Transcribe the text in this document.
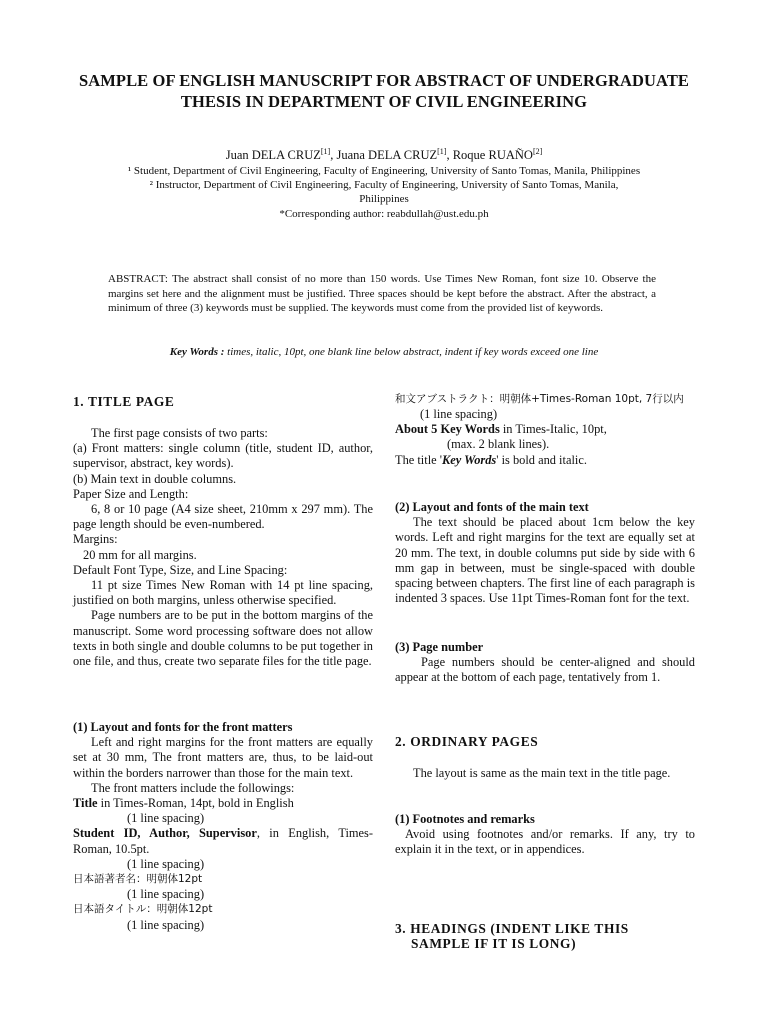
SAMPLE OF ENGLISH MANUSCRIPT FOR ABSTRACT OF UNDERGRADUATE THESIS IN DEPARTMENT OF CIVIL ENGINEERING
Juan DELA CRUZ[1], Juana DELA CRUZ[1], Roque RUAÑO[2]
¹ Student, Department of Civil Engineering, Faculty of Engineering, University of Santo Tomas, Manila, Philippines
² Instructor, Department of Civil Engineering, Faculty of Engineering, University of Santo Tomas, Manila,
Philippines
*Corresponding author: reabdullah@ust.edu.ph
ABSTRACT: The abstract shall consist of no more than 150 words. Use Times New Roman, font size 10. Observe the margins set here and the alignment must be justified. Three spaces should be kept before the abstract. After the abstract, a minimum of three (3) keywords must be supplied. The keywords must come from the provided list of keywords.
Key Words : times, italic, 10pt, one blank line below abstract, indent if key words exceed one line
1. TITLE PAGE

The first page consists of two parts:

(a) Front matters: single column (title, student ID, author, supervisor, abstract, key words).

(b) Main text in double columns.

Paper Size and Length:

6, 8 or 10 page (A4 size sheet, 210mm x 297 mm). The page length should be even-numbered.

Margins:

20 mm for all margins.

Default Font Type, Size, and Line Spacing:

11 pt size Times New Roman with 14 pt line spacing, justified on both margins, unless otherwise specified.

Page numbers are to be put in the bottom margins of the manuscript. Some word processing software does not allow texts in both single and double columns to be put together in one file, and thus, create two separate files for the title page.

(1) Layout and fonts for the front matters

Left and right margins for the front matters are equally set at 30 mm, The front matters are, thus, to be laid-out within the borders narrower than those for the main text.

The front matters include the followings:

Title in Times-Roman, 14pt, bold in English

(1 line spacing)

Student ID, Author, Supervisor, in English, Times-Roman, 10.5pt.

(1 line spacing)

日本語著者名：明朝体12pt

(1 line spacing)

日本語タイトル：明朝体12pt

(1 line spacing)

和文アブストラクト：明朝体+Times-Roman 10pt, 7行以内

(1 line spacing)

About 5 Key Words in Times-Italic, 10pt,

(max. 2 blank lines).

The title 'Key Words' is bold and italic.

(2) Layout and fonts of the main text

The text should be placed about 1cm below the key words. Left and right margins for the text are equally set at 20 mm. The text, in double columns put side by side with 6 mm gap in between, must be single-spaced with double spacing between chapters. The first line of each paragraph is indented 3 spaces. Use 11pt Times-Roman font for the text.

(3) Page number

Page numbers should be center-aligned and should appear at the bottom of each page, tentatively from 1.

2. ORDINARY PAGES

The layout is same as the main text in the title page.

(1) Footnotes and remarks

Avoid using footnotes and/or remarks. If any, try to explain it in the text, or in appendices.

3. HEADINGS (INDENT LIKE THIS

SAMPLE IF IT IS LONG)
